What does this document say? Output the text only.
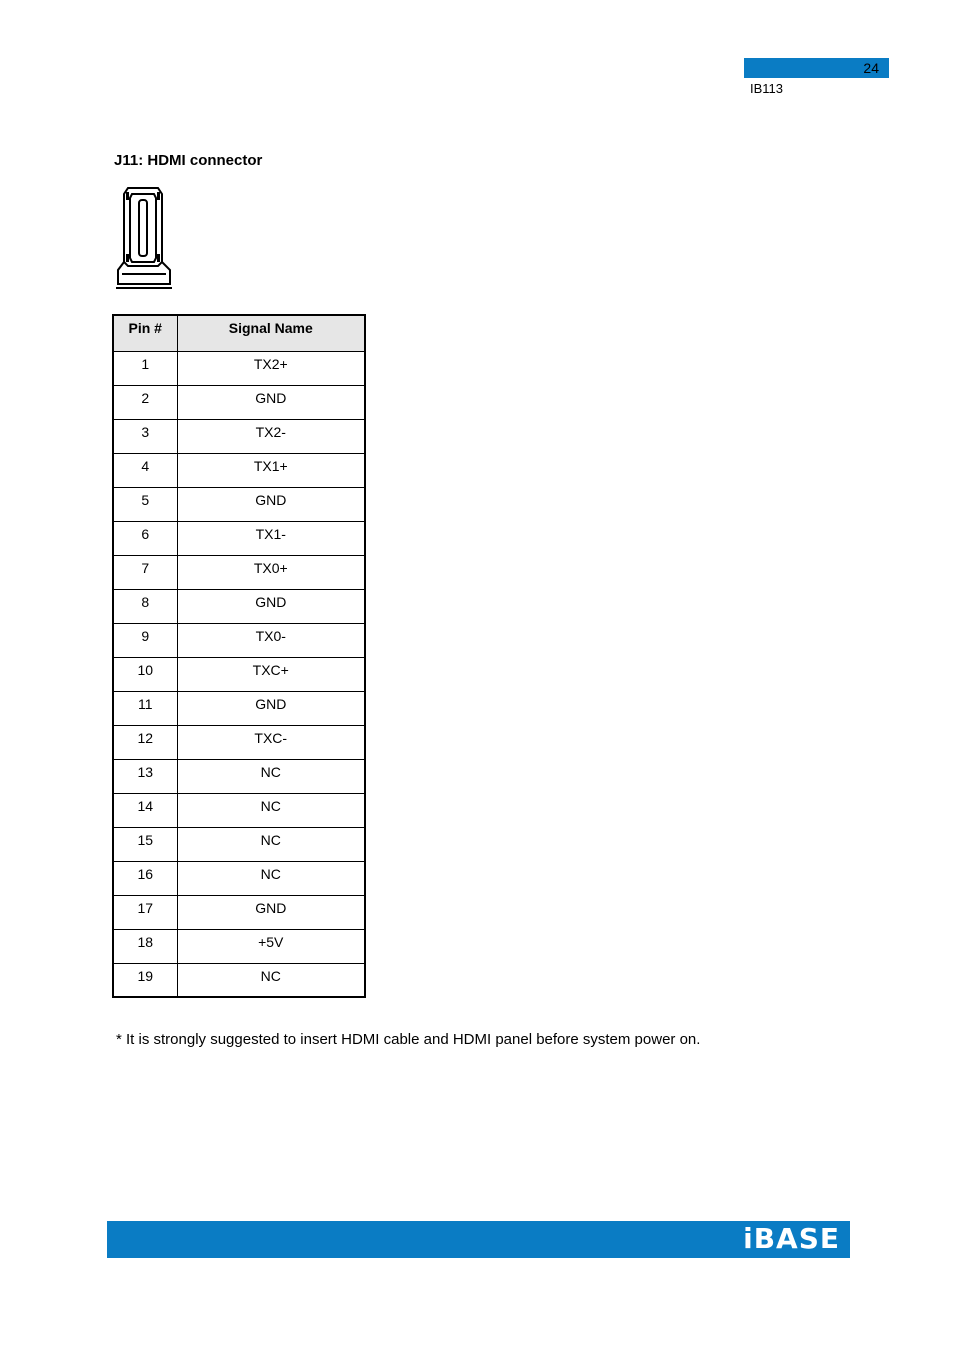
24
IB113
J11: HDMI connector
Pin #	Signal Name
1	TX2+
2	GND
3	TX2-
4	TX1+
5	GND
6	TX1-
7	TX0+
8	GND
9	TX0-
10	TXC+
11	GND
12	TXC-
13	NC
14	NC
15	NC
16	NC
17	GND
18	+5V
19	NC
* It is strongly suggested to insert HDMI cable and HDMI panel before system power on.
iBASE
